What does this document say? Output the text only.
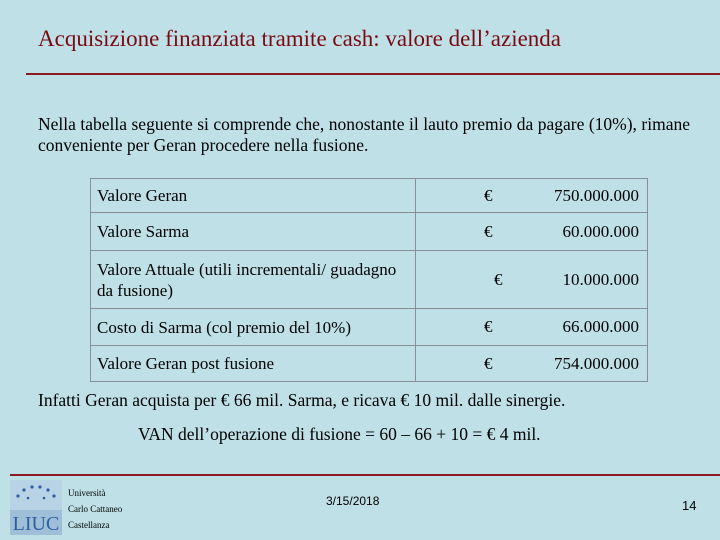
Acquisizione finanziata tramite cash: valore dell’azienda
Nella tabella seguente si comprende che, nonostante il lauto premio da pagare (10%), rimane conveniente per Geran procedere nella fusione.
Valore Geran	€ 750.000.000

Valore Sarma	€ 60.000.000

Valore Attuale (utili incrementali/ guadagno da fusione)	€ 10.000.000

Costo di Sarma (col premio del 10%)	€ 66.000.000

Valore Geran post fusione	€ 754.000.000
Infatti Geran acquista per € 66 mil. Sarma, e ricava € 10 mil. dalle sinergie.
VAN dell’operazione di fusione = 60 – 66 + 10 = € 4 mil.
LIUC
Università
Carlo Cattaneo
Castellanza
3/15/2018	14
